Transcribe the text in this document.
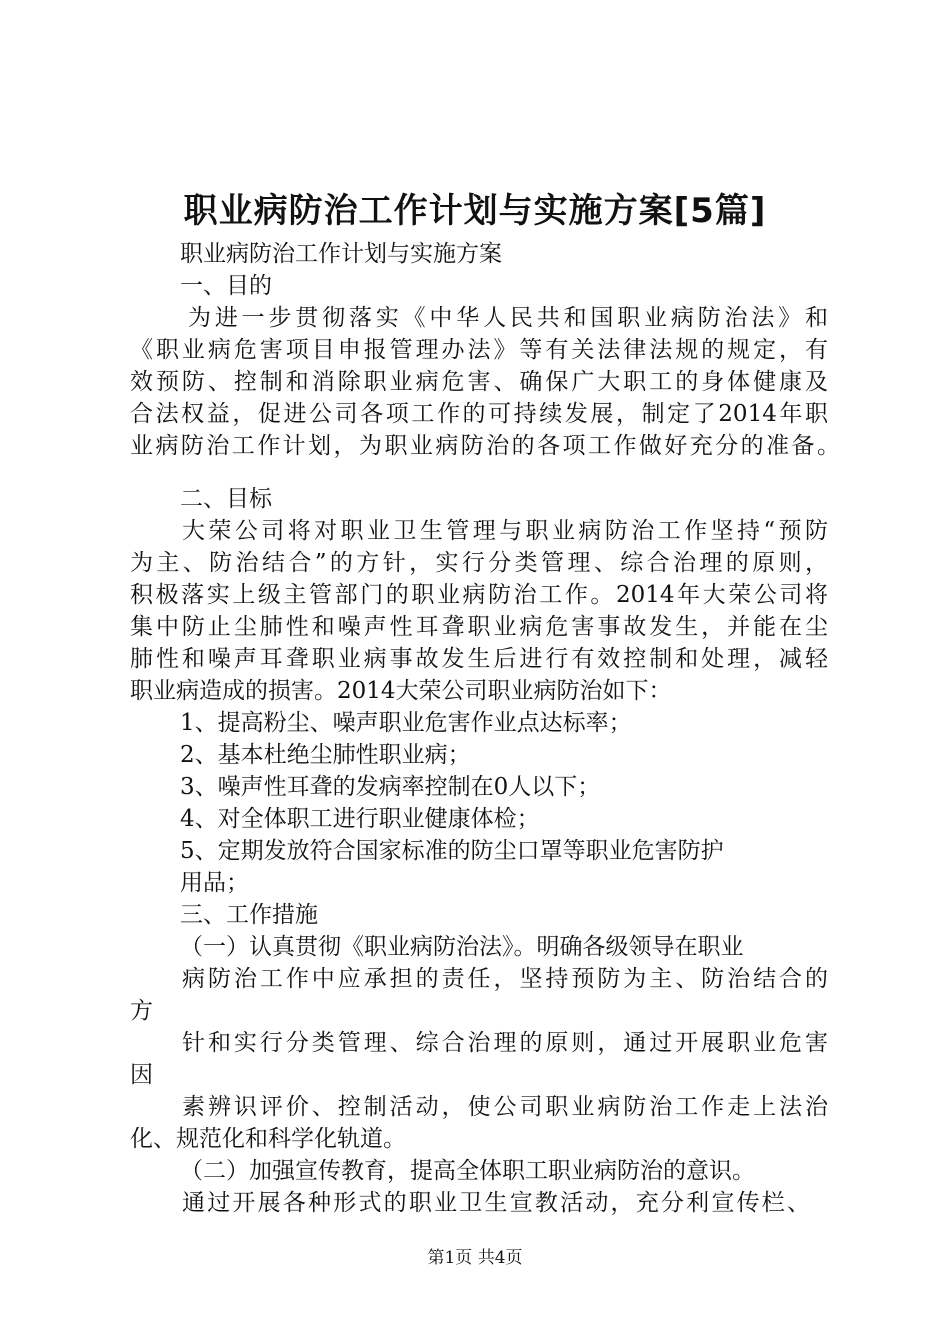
职业病防治工作计划与实施方案[5篇]
职业病防治工作计划与实施方案
一、目的
为进一步贯彻落实《中华人民共和国职业病防治法》和
《职业病危害项目申报管理办法》等有关法律法规的规定，有
效预防、控制和消除职业病危害、确保广大职工的身体健康及
合法权益，促进公司各项工作的可持续发展，制定了2014年职
业病防治工作计划，为职业病防治的各项工作做好充分的准备。
二、目标
大荣公司将对职业卫生管理与职业病防治工作坚持“预防
为主、防治结合”的方针，实行分类管理、综合治理的原则，
积极落实上级主管部门的职业病防治工作。2014年大荣公司将
集中防止尘肺性和噪声性耳聋职业病危害事故发生，并能在尘
肺性和噪声耳聋职业病事故发生后进行有效控制和处理，减轻
职业病造成的损害。2014大荣公司职业病防治如下：
1、提高粉尘、噪声职业危害作业点达标率；
2、基本杜绝尘肺性职业病；
3、噪声性耳聋的发病率控制在0人以下；
4、对全体职工进行职业健康体检；
5、定期发放符合国家标准的防尘口罩等职业危害防护
用品；
三、工作措施
（一）认真贯彻《职业病防治法》。明确各级领导在职业
病防治工作中应承担的责任，坚持预防为主、防治结合的
方
针和实行分类管理、综合治理的原则，通过开展职业危害
因
素辨识评价、控制活动，使公司职业病防治工作走上法治
化、规范化和科学化轨道。
（二）加强宣传教育，提高全体职工职业病防治的意识。
通过开展各种形式的职业卫生宣教活动，充分利宣传栏、
第1页 共4页
